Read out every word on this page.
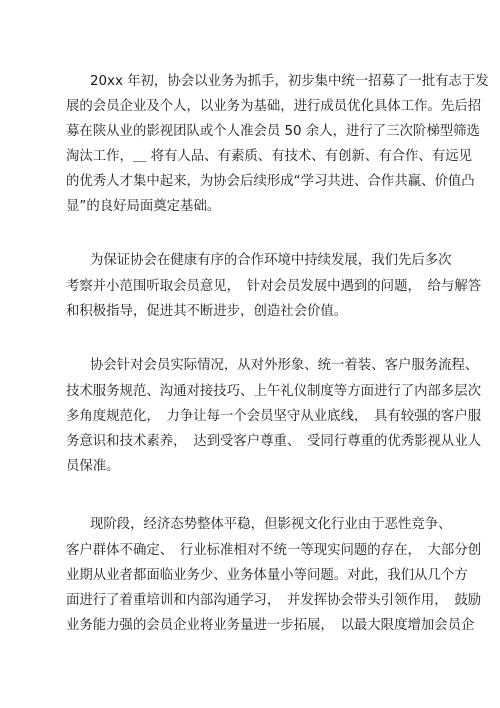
20xx 年初，协会以业务为抓手，初步集中统一招募了一批有志于发
展的会员企业及个人，以业务为基础，进行成员优化具体工作。先后招
募在陕从业的影视团队或个人准会员 50 余人，进行了三次阶梯型筛选
淘汰工作，＿ 将有人品、有素质、有技术、有创新、有合作、有远见
的优秀人才集中起来，为协会后续形成“学习共进、合作共赢、价值凸
显”的良好局面奠定基础。
为保证协会在健康有序的合作环境中持续发展，我们先后多次
考察并小范围听取会员意见，　针对会员发展中遇到的问题，　给与解答
和积极指导，促进其不断进步，创造社会价值。
协会针对会员实际情况，从对外形象、统一着装、客户服务流程、
技术服务规范、沟通对接技巧、上午礼仪制度等方面进行了内部多层次
多角度规范化，　力争让每一个会员坚守从业底线，　具有较强的客户服
务意识和技术素养，　达到受客户尊重、　受同行尊重的优秀影视从业人
员保准。
现阶段，经济态势整体平稳，但影视文化行业由于恶性竞争、
客户群体不确定、　行业标准相对不统一等现实问题的存在，　大部分创
业期从业者都面临业务少、业务体量小等问题。对此，我们从几个方
面进行了着重培训和内部沟通学习，　并发挥协会带头引领作用，　鼓励
业务能力强的会员企业将业务量进一步拓展，　以最大限度增加会员企
